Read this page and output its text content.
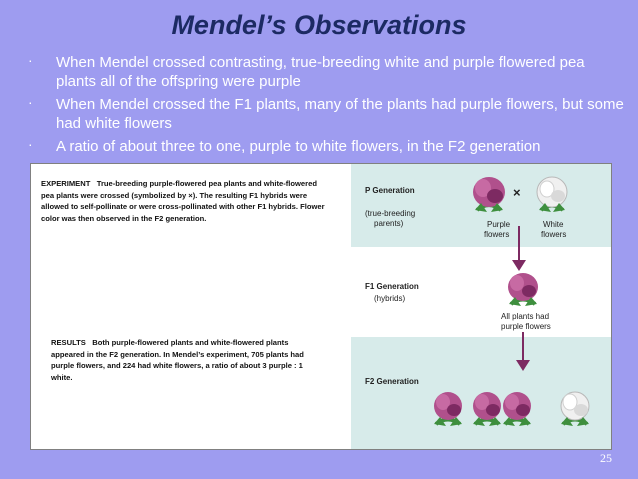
Mendel’s Observations
· When Mendel crossed contrasting, true-breeding white and purple flowered pea plants all of the offspring were purple
· When Mendel crossed the F1 plants, many of the plants had purple flowers, but some had white flowers
· A ratio of about three to one, purple to white flowers, in the F2 generation
EXPERIMENT True-breeding purple-flowered pea plants and white-flowered pea plants were crossed (symbolized by ×). The resulting F1 hybrids were allowed to self-pollinate or were cross-pollinated with other F1 hybrids. Flower color was then observed in the F2 generation.
RESULTS Both purple-flowered plants and white-flowered plants appeared in the F2 generation. In Mendel’s experiment, 705 plants had purple flowers, and 224 had white flowers, a ratio of about 3 purple : 1 white.
P Generation
(true-breeding
parents)
×
Purple
flowers
White
flowers
F1 Generation
(hybrids)
All plants had
purple flowers
F2 Generation
25
